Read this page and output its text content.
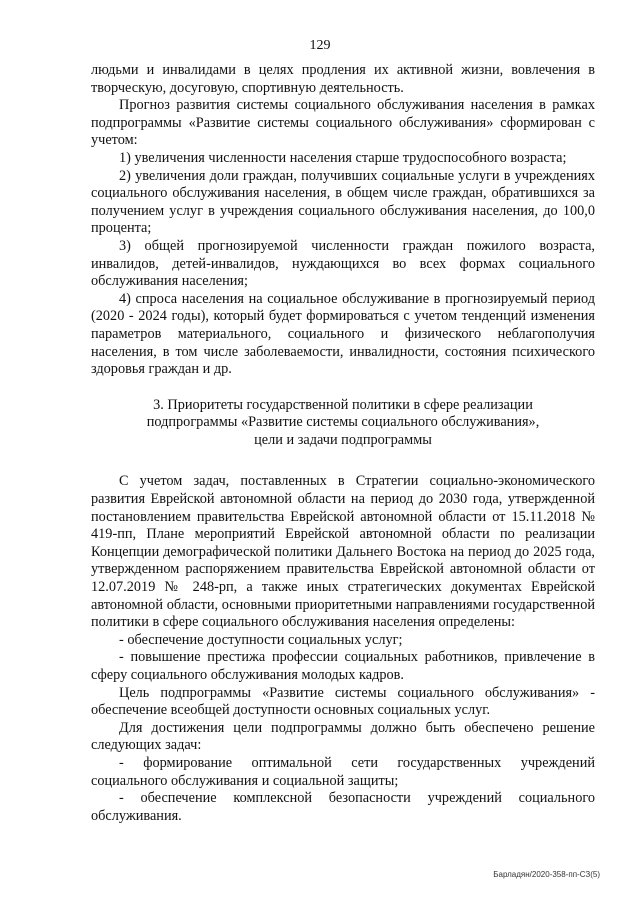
129

людьми и инвалидами в целях продления их активной жизни, вовлечения в творческую, досуговую, спортивную деятельность.

Прогноз развития системы социального обслуживания населения в рамках подпрограммы «Развитие системы социального обслуживания» сформирован с учетом:

1) увеличения численности населения старше трудоспособного возраста;

2) увеличения доли граждан, получивших социальные услуги в учреждениях социального обслуживания населения, в общем числе граждан, обратившихся за получением услуг в учреждения социального обслуживания населения, до 100,0 процента;

3) общей прогнозируемой численности граждан пожилого возраста, инвалидов, детей-инвалидов, нуждающихся во всех формах социального обслуживания населения;

4) спроса населения на социальное обслуживание в прогнозируемый период (2020 - 2024 годы), который будет формироваться с учетом тенденций изменения параметров материального, социального и физического неблагополучия населения, в том числе заболеваемости, инвалидности, состояния психического здоровья граждан и др.

3. Приоритеты государственной политики в сфере реализации
подпрограммы «Развитие системы социального обслуживания»,
цели и задачи подпрограммы

С учетом задач, поставленных в Стратегии социально-экономического развития Еврейской автономной области на период до 2030 года, утвержденной постановлением правительства Еврейской автономной области от 15.11.2018 № 419-пп, Плане мероприятий Еврейской автономной области по реализации Концепции демографической политики Дальнего Востока на период до 2025 года, утвержденном распоряжением правительства Еврейской автономной области от 12.07.2019 № 248-рп, а также иных стратегических документах Еврейской автономной области, основными приоритетными направлениями государственной политики в сфере социального обслуживания населения определены:

- обеспечение доступности социальных услуг;

- повышение престижа профессии социальных работников, привлечение в сферу социального обслуживания молодых кадров.

Цель подпрограммы «Развитие системы социального обслуживания» - обеспечение всеобщей доступности основных социальных услуг.

Для достижения цели подпрограммы должно быть обеспечено решение следующих задач:

- формирование оптимальной сети государственных учреждений социального обслуживания и социальной защиты;

- обеспечение комплексной безопасности учреждений социального обслуживания.

Барладян/2020-358-пп-СЗ(5)
